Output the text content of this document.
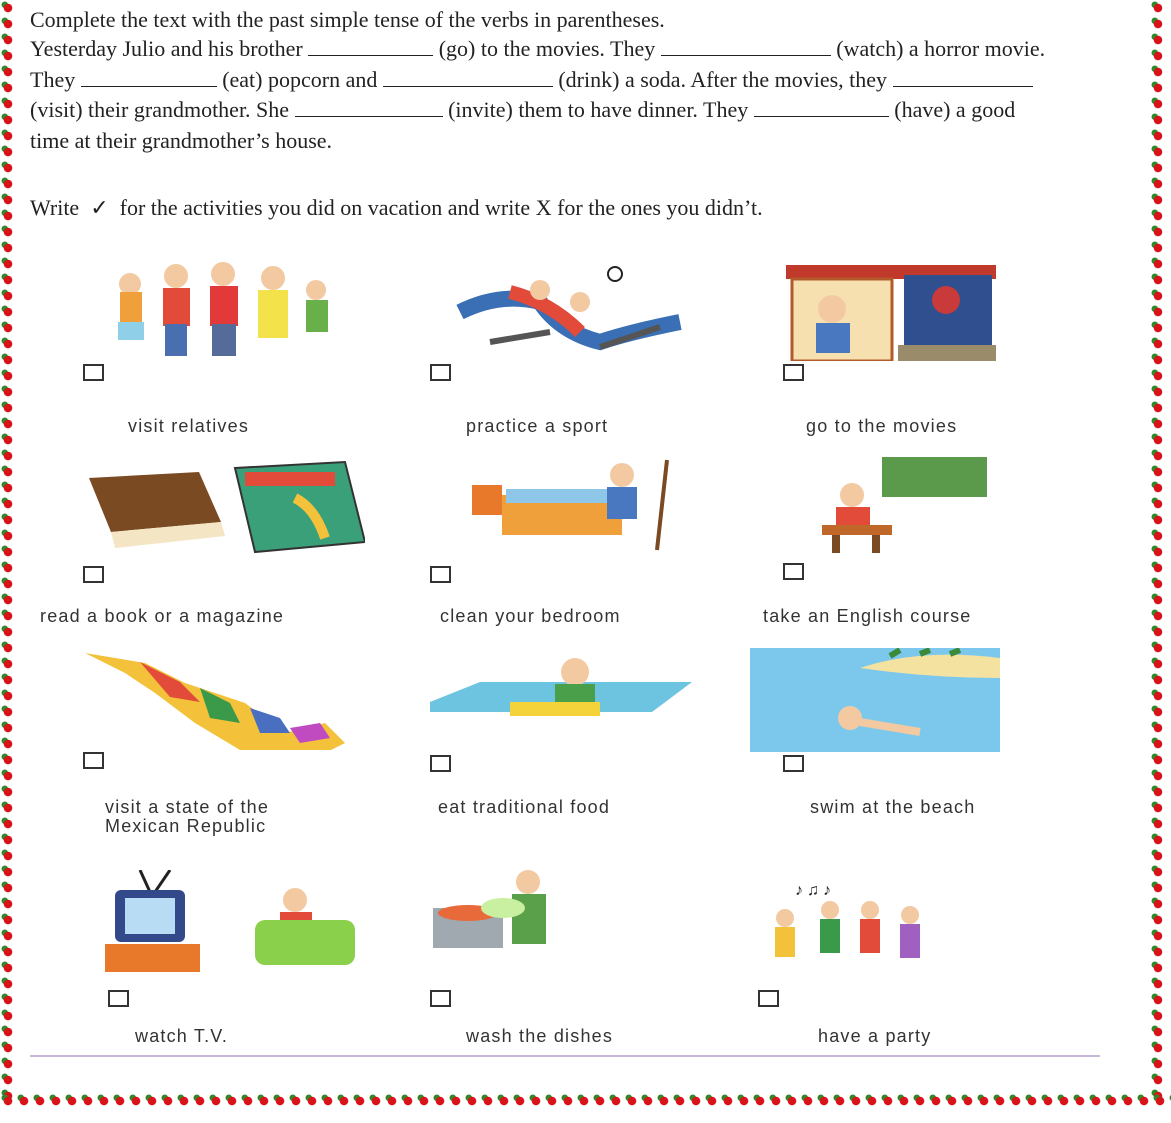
Complete the text with the past simple tense of the verbs in parentheses.
Yesterday Julio and his brother	(go) to the movies. They	(watch) a horror movie.
They	(eat) popcorn and	(drink) a soda. After the movies, they
(visit) their grandmother. She	(invite) them to have dinner. They	(have) a good
time at their grandmother’s house.
Write ✓ for the activities you did on vacation and write X for the ones you didn’t.
visit relatives	practice a sport	go to the movies
read a book or a magazine	clean your bedroom	take an English course
visit a state of the
Mexican Republic
eat traditional food	swim at the beach
♪ ♫ ♪
watch T.V.	wash the dishes	have a party
